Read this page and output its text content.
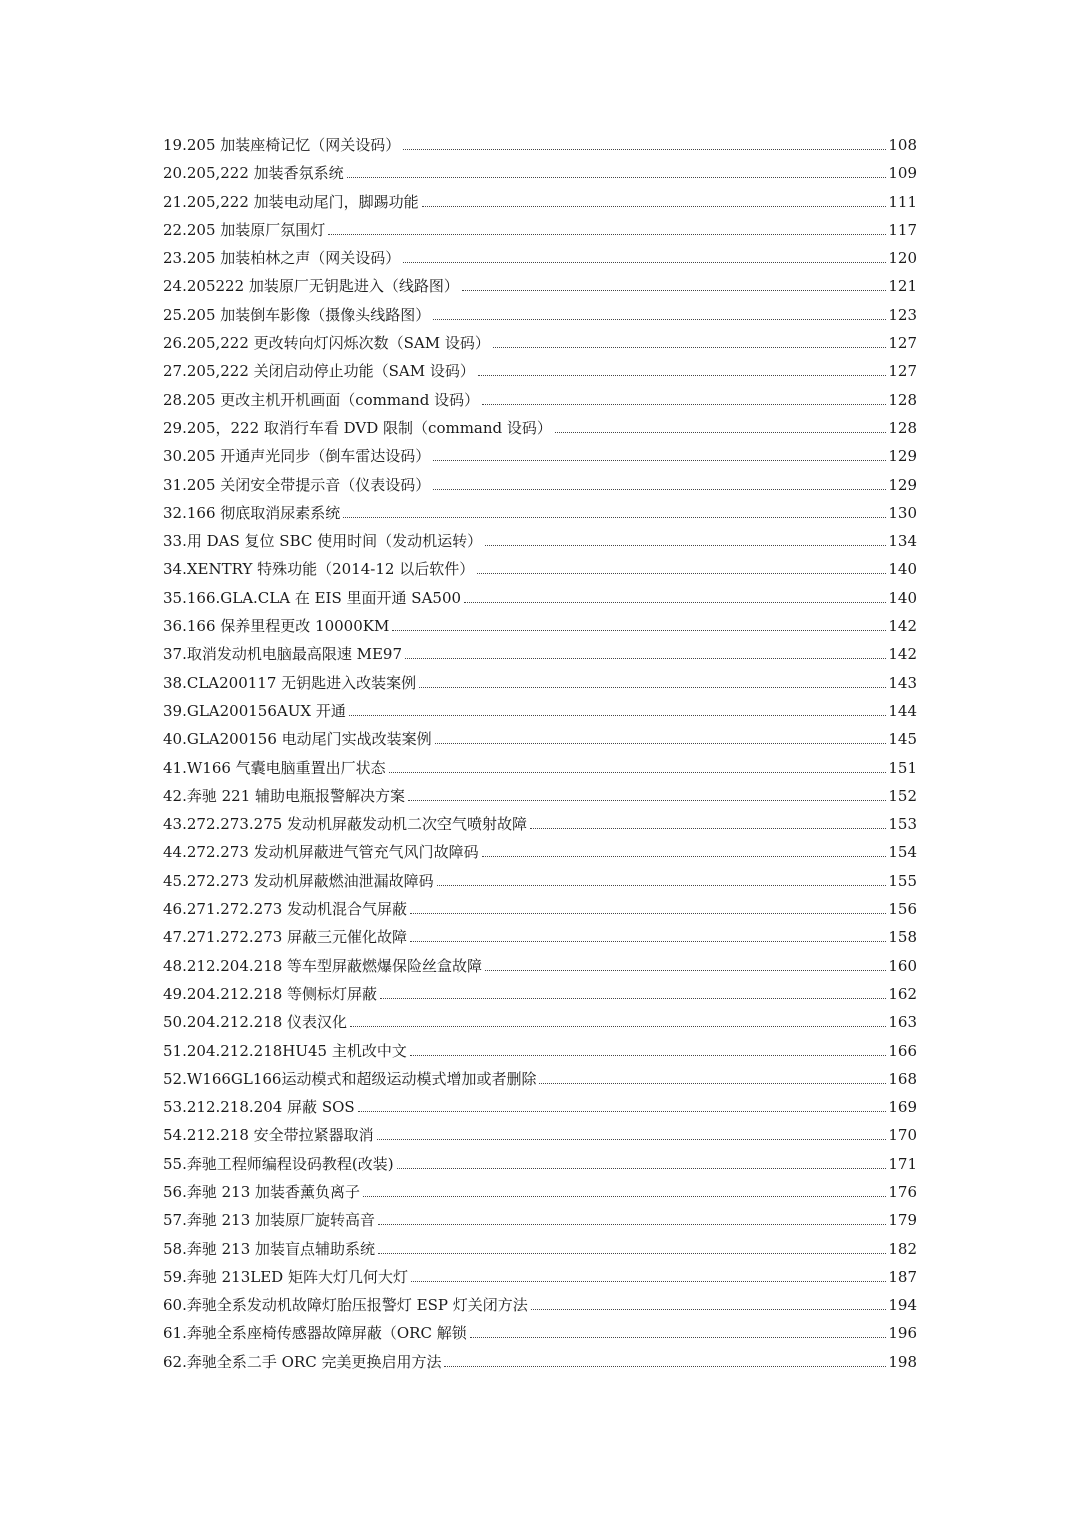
19.205 加装座椅记忆（网关设码）	108
20.205,222 加装香氛系统	109
21.205,222 加装电动尾门，脚踢功能	111
22.205 加装原厂氛围灯	117
23.205 加装柏林之声（网关设码）	120
24.205222 加装原厂无钥匙进入（线路图）	121
25.205 加装倒车影像（摄像头线路图）	123
26.205,222 更改转向灯闪烁次数（SAM 设码）	127
27.205,222 关闭启动停止功能（SAM 设码）	127
28.205 更改主机开机画面（command 设码）	128
29.205，222 取消行车看 DVD 限制（command 设码）	128
30.205 开通声光同步（倒车雷达设码）	129
31.205 关闭安全带提示音（仪表设码）	129
32.166 彻底取消尿素系统	130
33.用 DAS 复位 SBC 使用时间（发动机运转）	134
34.XENTRY 特殊功能（2014-12 以后软件）	140
35.166.GLA.CLA 在 EIS 里面开通 SA500	140
36.166 保养里程更改 10000KM	142
37.取消发动机电脑最高限速 ME97	142
38.CLA200117 无钥匙进入改装案例	143
39.GLA200156AUX 开通	144
40.GLA200156 电动尾门实战改装案例	145
41.W166 气囊电脑重置出厂状态	151
42.奔驰 221 辅助电瓶报警解决方案	152
43.272.273.275 发动机屏蔽发动机二次空气喷射故障	153
44.272.273 发动机屏蔽进气管充气风门故障码	154
45.272.273 发动机屏蔽燃油泄漏故障码	155
46.271.272.273 发动机混合气屏蔽	156
47.271.272.273 屏蔽三元催化故障	158
48.212.204.218 等车型屏蔽燃爆保险丝盒故障	160
49.204.212.218 等侧标灯屏蔽	162
50.204.212.218 仪表汉化	163
51.204.212.218HU45 主机改中文	166
52.W166GL166运动模式和超级运动模式增加或者删除	168
53.212.218.204 屏蔽 SOS	169
54.212.218 安全带拉紧器取消	170
55.奔驰工程师编程设码教程(改装)	171
56.奔驰 213 加装香薰负离子	176
57.奔驰 213 加装原厂旋转高音	179
58.奔驰 213 加装盲点辅助系统	182
59.奔驰 213LED 矩阵大灯几何大灯	187
60.奔驰全系发动机故障灯胎压报警灯 ESP 灯关闭方法	194
61.奔驰全系座椅传感器故障屏蔽（ORC 解锁	196
62.奔驰全系二手 ORC 完美更换启用方法	198
